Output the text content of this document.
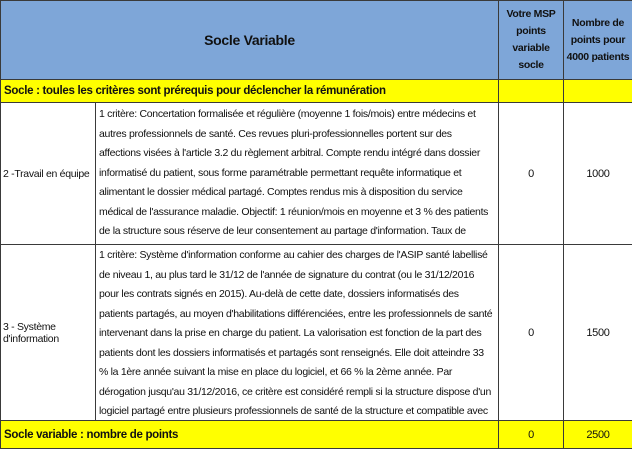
Socle Variable		Votre MSP points variable socle	Nombre de points pour 4000 patients
Socle : toules les critères sont prérequis pour déclencher la rémunération			
2 -Travail en équipe	1 critère: Concertation formalisée et régulière (moyenne 1 fois/mois) entre médecins et autres professionnels de santé. Ces revues pluri-professionnelles portent sur des affections visées à l'article 3.2 du règlement arbitral. Compte rendu intégré dans dossier informatisé du patient, sous forme paramétrable permettant requête informatique et alimentant le dossier médical partagé. Comptes rendus mis à disposition du service médical de l'assurance maladie. Objectif: 1 réunion/mois en moyenne et 3 % des patients de la structure sous réserve de leur consentement au partage d'information. Taux de	0	1000
3 - Système d'information	1 critère: Système d'information conforme au cahier des charges de l'ASIP santé labellisé de niveau 1, au plus tard le 31/12 de l'année de signature du contrat (ou le 31/12/2016 pour les contrats signés en 2015). Au-delà de cette date, dossiers informatisés des patients partagés, au moyen d'habilitations différenciées, entre les professionnels de santé intervenant dans la prise en charge du patient. La valorisation est fonction de la part des patients dont les dossiers informatisés et partagés sont renseignés. Elle doit atteindre 33 % la 1ère année suivant la mise en place du logiciel, et 66 % la 2ème année. Par dérogation jusqu'au 31/12/2016, ce critère est considéré rempli si la structure dispose d'un logiciel partagé entre plusieurs professionnels de santé de la structure et compatible avec	0	1500
Socle variable : nombre de points		0	2500
